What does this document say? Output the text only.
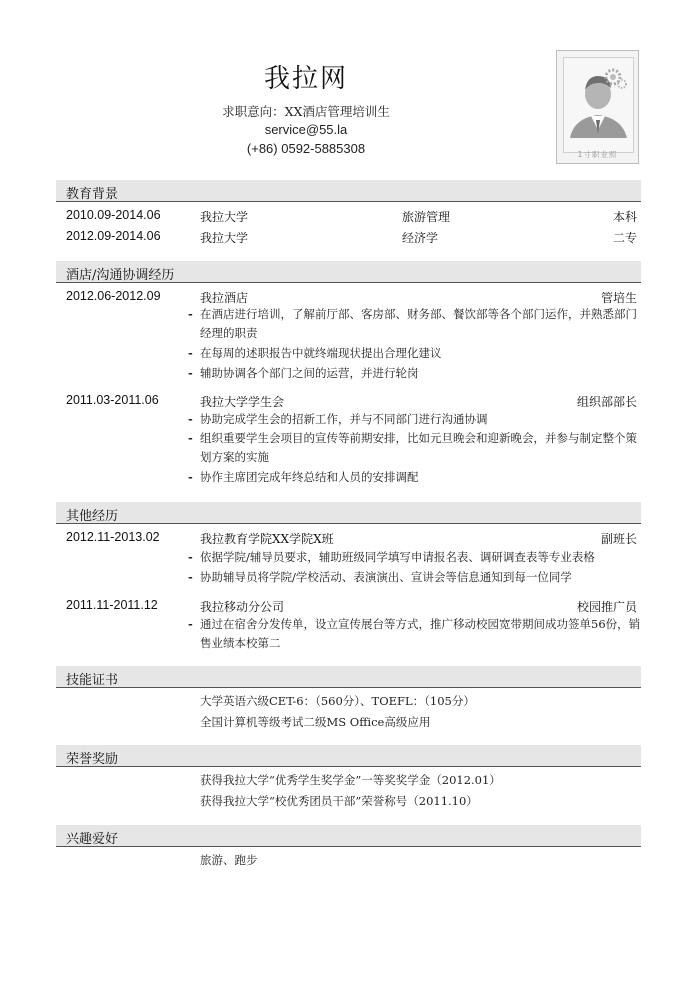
我拉网
求职意向：XX酒店管理培训生
service@55.la
(+86) 0592-5885308	1寸职业照
教育背景
2010.09-2014.06	我拉大学	旅游管理	本科
2012.09-2014.06	我拉大学	经济学	二专
酒店/沟通协调经历
2012.06-2012.09	我拉酒店	管培生
- 在酒店进行培训，了解前厅部、客房部、财务部、餐饮部等各个部门运作，并熟悉部门经理的职责
- 在每周的述职报告中就终端现状提出合理化建议
- 辅助协调各个部门之间的运营，并进行轮岗
2011.03-2011.06	我拉大学学生会	组织部部长
- 协助完成学生会的招新工作，并与不同部门进行沟通协调
- 组织重要学生会项目的宣传等前期安排，比如元旦晚会和迎新晚会，并参与制定整个策划方案的实施
- 协作主席团完成年终总结和人员的安排调配
其他经历
2012.11-2013.02	我拉教育学院XX学院X班	副班长
- 依据学院/辅导员要求，辅助班级同学填写申请报名表、调研调查表等专业表格
- 协助辅导员将学院/学校活动、表演演出、宣讲会等信息通知到每一位同学
2011.11-2011.12	我拉移动分公司	校园推广员
- 通过在宿舍分发传单，设立宣传展台等方式，推广移动校园宽带期间成功签单56份，销售业绩本校第二
技能证书
大学英语六级CET-6：（560分）、TOEFL：（105分）
全国计算机等级考试二级MS Office高级应用
荣誉奖励
获得我拉大学“优秀学生奖学金”一等奖奖学金（2012.01）
获得我拉大学“校优秀团员干部”荣誉称号（2011.10）
兴趣爱好
旅游、跑步
